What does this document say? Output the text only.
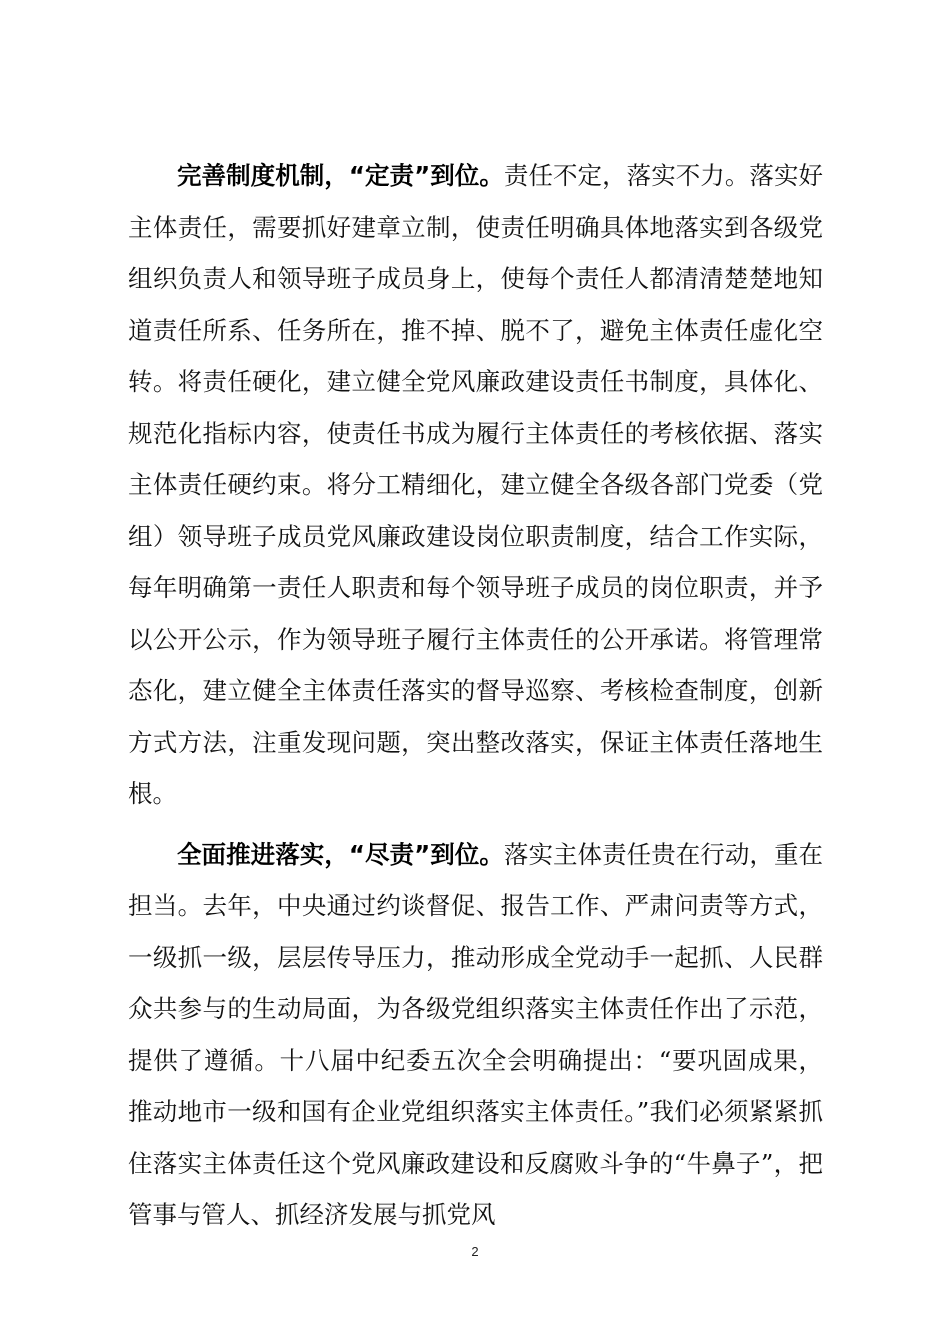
完善制度机制，“定责”到位。责任不定，落实不力。落实好主体责任，需要抓好建章立制，使责任明确具体地落实到各级党组织负责人和领导班子成员身上，使每个责任人都清清楚楚地知道责任所系、任务所在，推不掉、脱不了，避免主体责任虚化空转。将责任硬化，建立健全党风廉政建设责任书制度，具体化、规范化指标内容，使责任书成为履行主体责任的考核依据、落实主体责任硬约束。将分工精细化，建立健全各级各部门党委（党组）领导班子成员党风廉政建设岗位职责制度，结合工作实际，每年明确第一责任人职责和每个领导班子成员的岗位职责，并予以公开公示，作为领导班子履行主体责任的公开承诺。将管理常态化，建立健全主体责任落实的督导巡察、考核检查制度，创新方式方法，注重发现问题，突出整改落实，保证主体责任落地生根。

全面推进落实，“尽责”到位。落实主体责任贵在行动，重在担当。去年，中央通过约谈督促、报告工作、严肃问责等方式，一级抓一级，层层传导压力，推动形成全党动手一起抓、人民群众共参与的生动局面，为各级党组织落实主体责任作出了示范，提供了遵循。十八届中纪委五次全会明确提出：“要巩固成果，推动地市一级和国有企业党组织落实主体责任。”我们必须紧紧抓住落实主体责任这个党风廉政建设和反腐败斗争的“牛鼻子”，把管事与管人、抓经济发展与抓党风

2
